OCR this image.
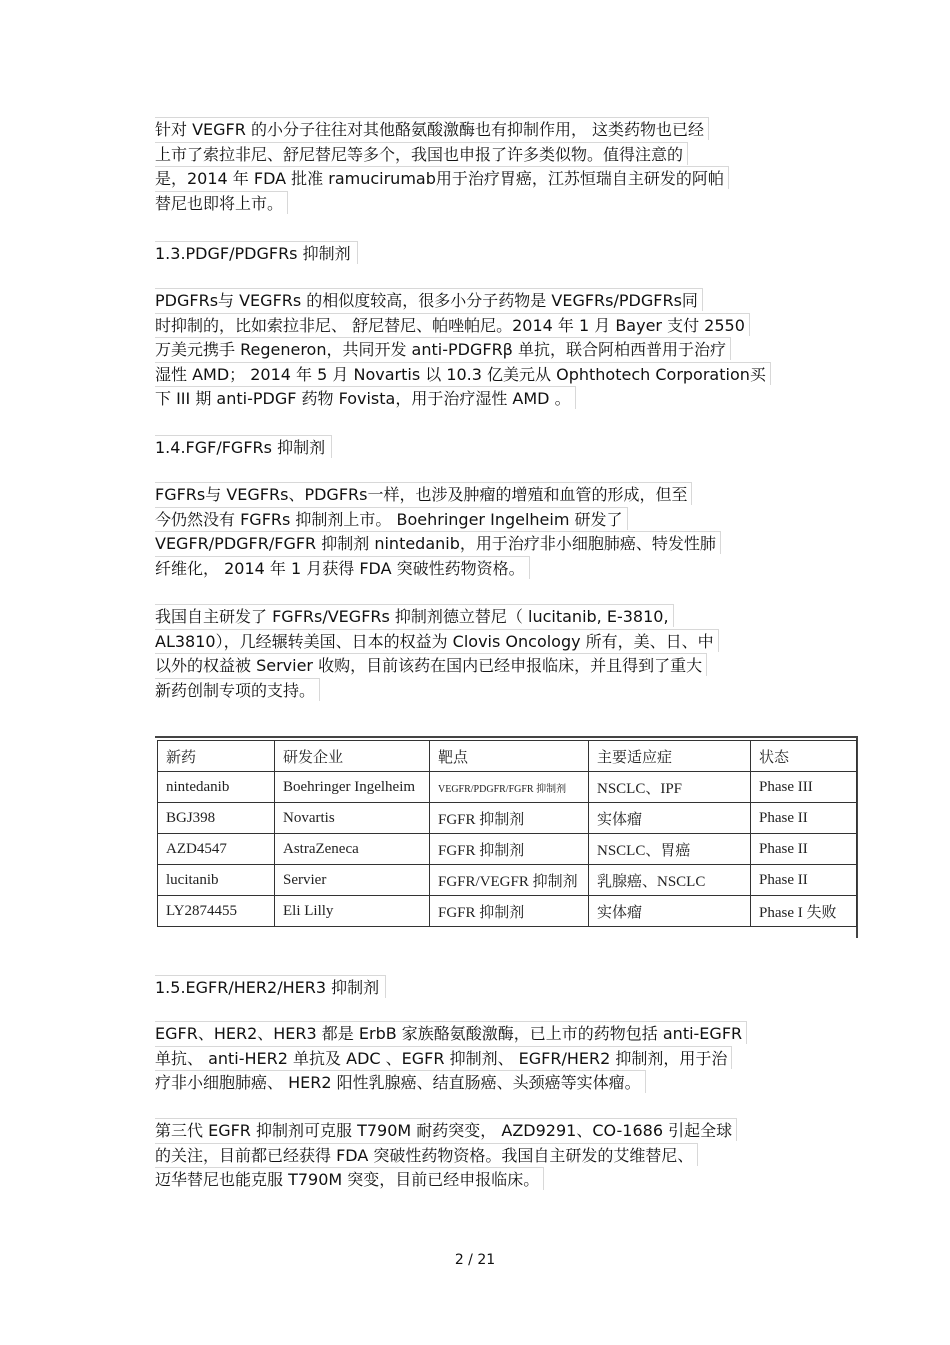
针对 VEGFR 的小分子往往对其他酪氨酸激酶也有抑制作用， 这类药物也已经
上市了索拉非尼、舒尼替尼等多个，我国也申报了许多类似物。值得注意的
是，2014 年 FDA 批准 ramucirumab用于治疗胃癌，江苏恒瑞自主研发的阿帕
替尼也即将上市。
1.3.PDGF/PDGFRs 抑制剂
PDGFRs与 VEGFRs 的相似度较高，很多小分子药物是 VEGFRs/PDGFRs同
时抑制的，比如索拉非尼、 舒尼替尼、帕唑帕尼。2014 年 1 月 Bayer 支付 2550
万美元携手 Regeneron，共同开发 anti-PDGFRβ 单抗，联合阿柏西普用于治疗
湿性 AMD； 2014 年 5 月 Novartis 以 10.3 亿美元从 Ophthotech Corporation买
下 III 期 anti-PDGF 药物 Fovista，用于治疗湿性 AMD 。
1.4.FGF/FGFRs 抑制剂
FGFRs与 VEGFRs、PDGFRs一样，也涉及肿瘤的增殖和血管的形成，但至
今仍然没有 FGFRs 抑制剂上市。 Boehringer Ingelheim 研发了
VEGFR/PDGFR/FGFR 抑制剂 nintedanib，用于治疗非小细胞肺癌、特发性肺
纤维化， 2014 年 1 月获得 FDA 突破性药物资格。
我国自主研发了 FGFRs/VEGFRs 抑制剂德立替尼（ lucitanib, E-3810,
AL3810），几经辗转美国、日本的权益为 Clovis Oncology 所有，美、日、中
以外的权益被 Servier 收购，目前该药在国内已经申报临床，并且得到了重大
新药创制专项的支持。
新药	研发企业	靶点	主要适应症	状态
nintedanib	Boehringer Ingelheim	VEGFR/PDGFR/FGFR 抑制剂	NSCLC、IPF	Phase III
BGJ398	Novartis	FGFR 抑制剂	实体瘤	Phase II
AZD4547	AstraZeneca	FGFR 抑制剂	NSCLC、胃癌	Phase II
lucitanib	Servier	FGFR/VEGFR 抑制剂	乳腺癌、NSCLC	Phase II
LY2874455	Eli Lilly	FGFR 抑制剂	实体瘤	Phase I 失败
1.5.EGFR/HER2/HER3 抑制剂
EGFR、HER2、HER3 都是 ErbB 家族酪氨酸激酶，已上市的药物包括 anti-EGFR
单抗、 anti-HER2 单抗及 ADC 、EGFR 抑制剂、 EGFR/HER2 抑制剂，用于治
疗非小细胞肺癌、 HER2 阳性乳腺癌、结直肠癌、头颈癌等实体瘤。
第三代 EGFR 抑制剂可克服 T790M 耐药突变， AZD9291、CO-1686 引起全球
的关注，目前都已经获得 FDA 突破性药物资格。我国自主研发的艾维替尼、
迈华替尼也能克服 T790M 突变，目前已经申报临床。
2 / 21
